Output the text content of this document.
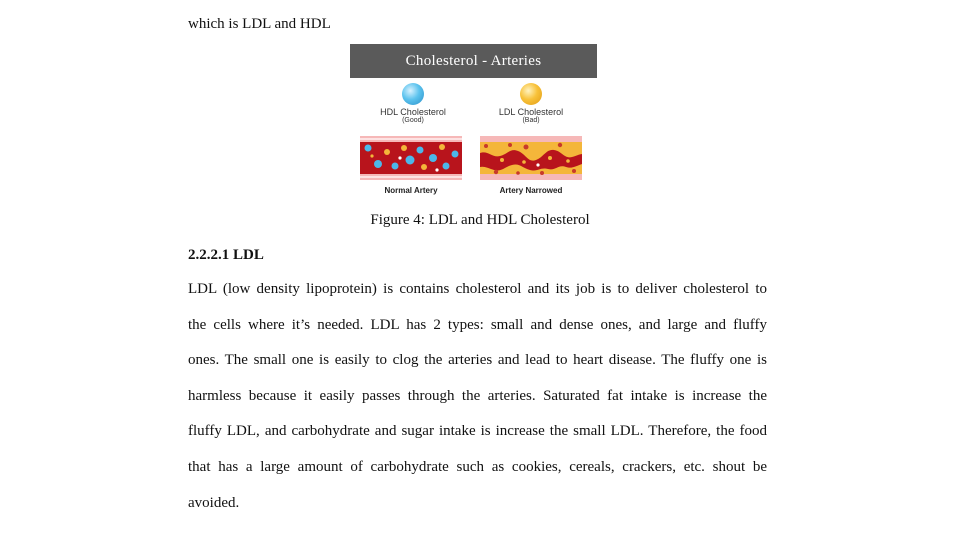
which is LDL and HDL

Cholesterol - Arteries
HDL Cholesterol
(Good)
LDL Cholesterol
(Bad)
Normal Artery	Artery Narrowed

Figure 4: LDL and HDL Cholesterol

2.2.2.1 LDL
LDL (low density lipoprotein) is contains cholesterol and its job is to deliver cholesterol to
the cells where it’s needed. LDL has 2 types: small and dense ones, and large and fluffy
ones. The small one is easily to clog the arteries and lead to heart disease. The fluffy one is
harmless because it easily passes through the arteries. Saturated fat intake is increase the
fluffy LDL, and carbohydrate and sugar intake is increase the small LDL. Therefore, the food
that has a large amount of carbohydrate such as cookies, cereals, crackers, etc. shout be
avoided.
